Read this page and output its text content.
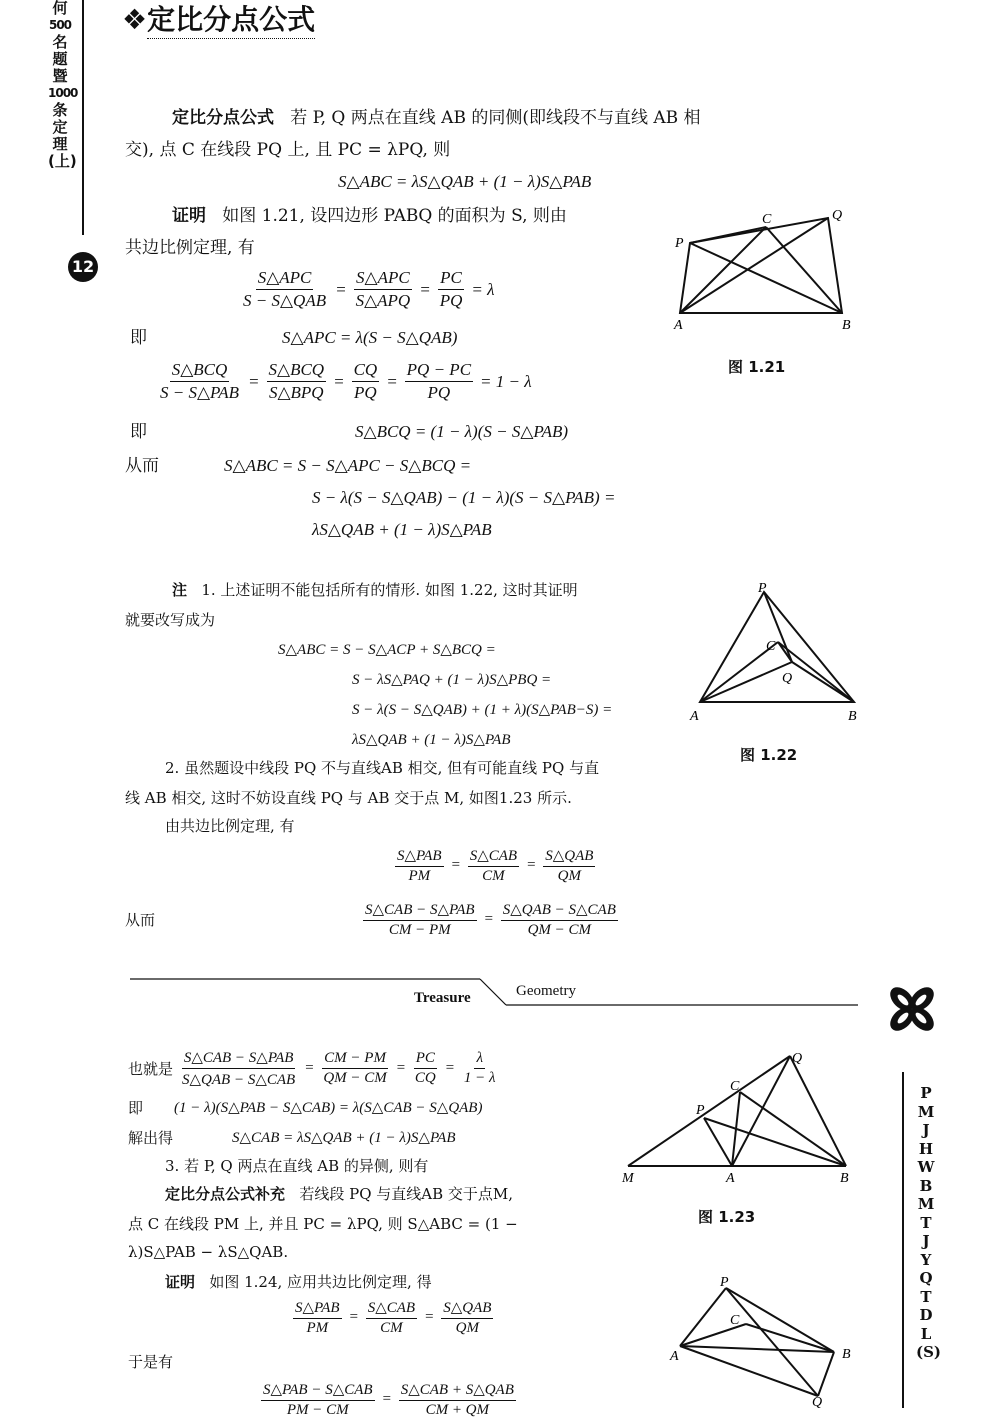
何
500
名
题
暨
1000
条
定
理
(上)
12
❖定比分点公式
定比分点公式 若 P, Q 两点在直线 AB 的同侧(即线段不与直线 AB 相
交), 点 C 在线段 PQ 上, 且 PC = λPQ, 则
S△ABC = λS△QAB + (1 − λ)S△PAB
证明 如图 1.21, 设四边形 PABQ 的面积为 S, 则由
共边比例定理, 有
$\frac{\text{S△APC}}{\text{S − S△QAB}} = \frac{\text{S△APC}}{\text{S△APQ}} = \frac{PC}{PQ} = \lambda$
即	S△APC = λ(S − S△QAB)
$\frac{\text{S△BCQ}}{\text{S − S△PAB}} = \frac{\text{S△BCQ}}{\text{S△BPQ}} = \frac{CQ}{PQ} = \frac{PQ - PC}{PQ} = 1 - \lambda$
即	S△BCQ = (1 − λ)(S − S△PAB)
从而	S△ABC = S − S△APC − S△BCQ =
S − λ(S − S△QAB) − (1 − λ)(S − S△PAB) =
λS△QAB + (1 − λ)S△PAB
P
Q
C
A	B
图 1.21
注 1. 上述证明不能包括所有的情形. 如图 1.22, 这时其证明
就要改写成为
S△ABC = S − S△ACP + S△BCQ =
S − λS△PAQ + (1 − λ)S△PBQ =
S − λ(S − S△QAB) + (1 + λ)(S△PAB−S) =
λS△QAB + (1 − λ)S△PAB
P
C
Q
A	B
图 1.22
2. 虽然题设中线段 PQ 不与直线AB 相交, 但有可能直线 PQ 与直
线 AB 相交, 这时不妨设直线 PQ 与 AB 交于点 M, 如图1.23 所示.
由共边比例定理, 有
$\frac{\text{S△PAB}}{PM} = \frac{\text{S△CAB}}{CM} = \frac{\text{S△QAB}}{QM}$
从而	$\frac{\text{S△CAB − S△PAB}}{CM - PM} = \frac{\text{S△QAB − S△CAB}}{QM - CM}$
Treasure	Geometry
P
M
J
H
W
B
M
T
J
Y
Q
T
D
L
(S)
也就是 $\frac{\text{S△CAB − S△PAB}}{\text{S△QAB − S△CAB}} = \frac{CM - PM}{QM - CM} = \frac{PC}{CQ} = \frac{\lambda}{1 - \lambda}$
即 (1 − λ)(S△PAB − S△CAB) = λ(S△CAB − S△QAB)
解出得	S△CAB = λS△QAB + (1 − λ)S△PAB
3. 若 P, Q 两点在直线 AB 的异侧, 则有
定比分点公式补充 若线段 PQ 与直线AB 交于点M,
点 C 在线段 PM 上, 并且 PC = λPQ, 则 S△ABC = (1 −
λ)S△PAB − λS△QAB.
证明 如图 1.24, 应用共边比例定理, 得
$\frac{\text{S△PAB}}{PM} = \frac{\text{S△CAB}}{CM} = \frac{\text{S△QAB}}{QM}$
于是有
$\frac{\text{S△PAB − S△CAB}}{PM - CM} = \frac{\text{S△CAB + S△QAB}}{CM + QM}$
Q
C
P
M	A	B
图 1.23
P
C
A	B
Q
